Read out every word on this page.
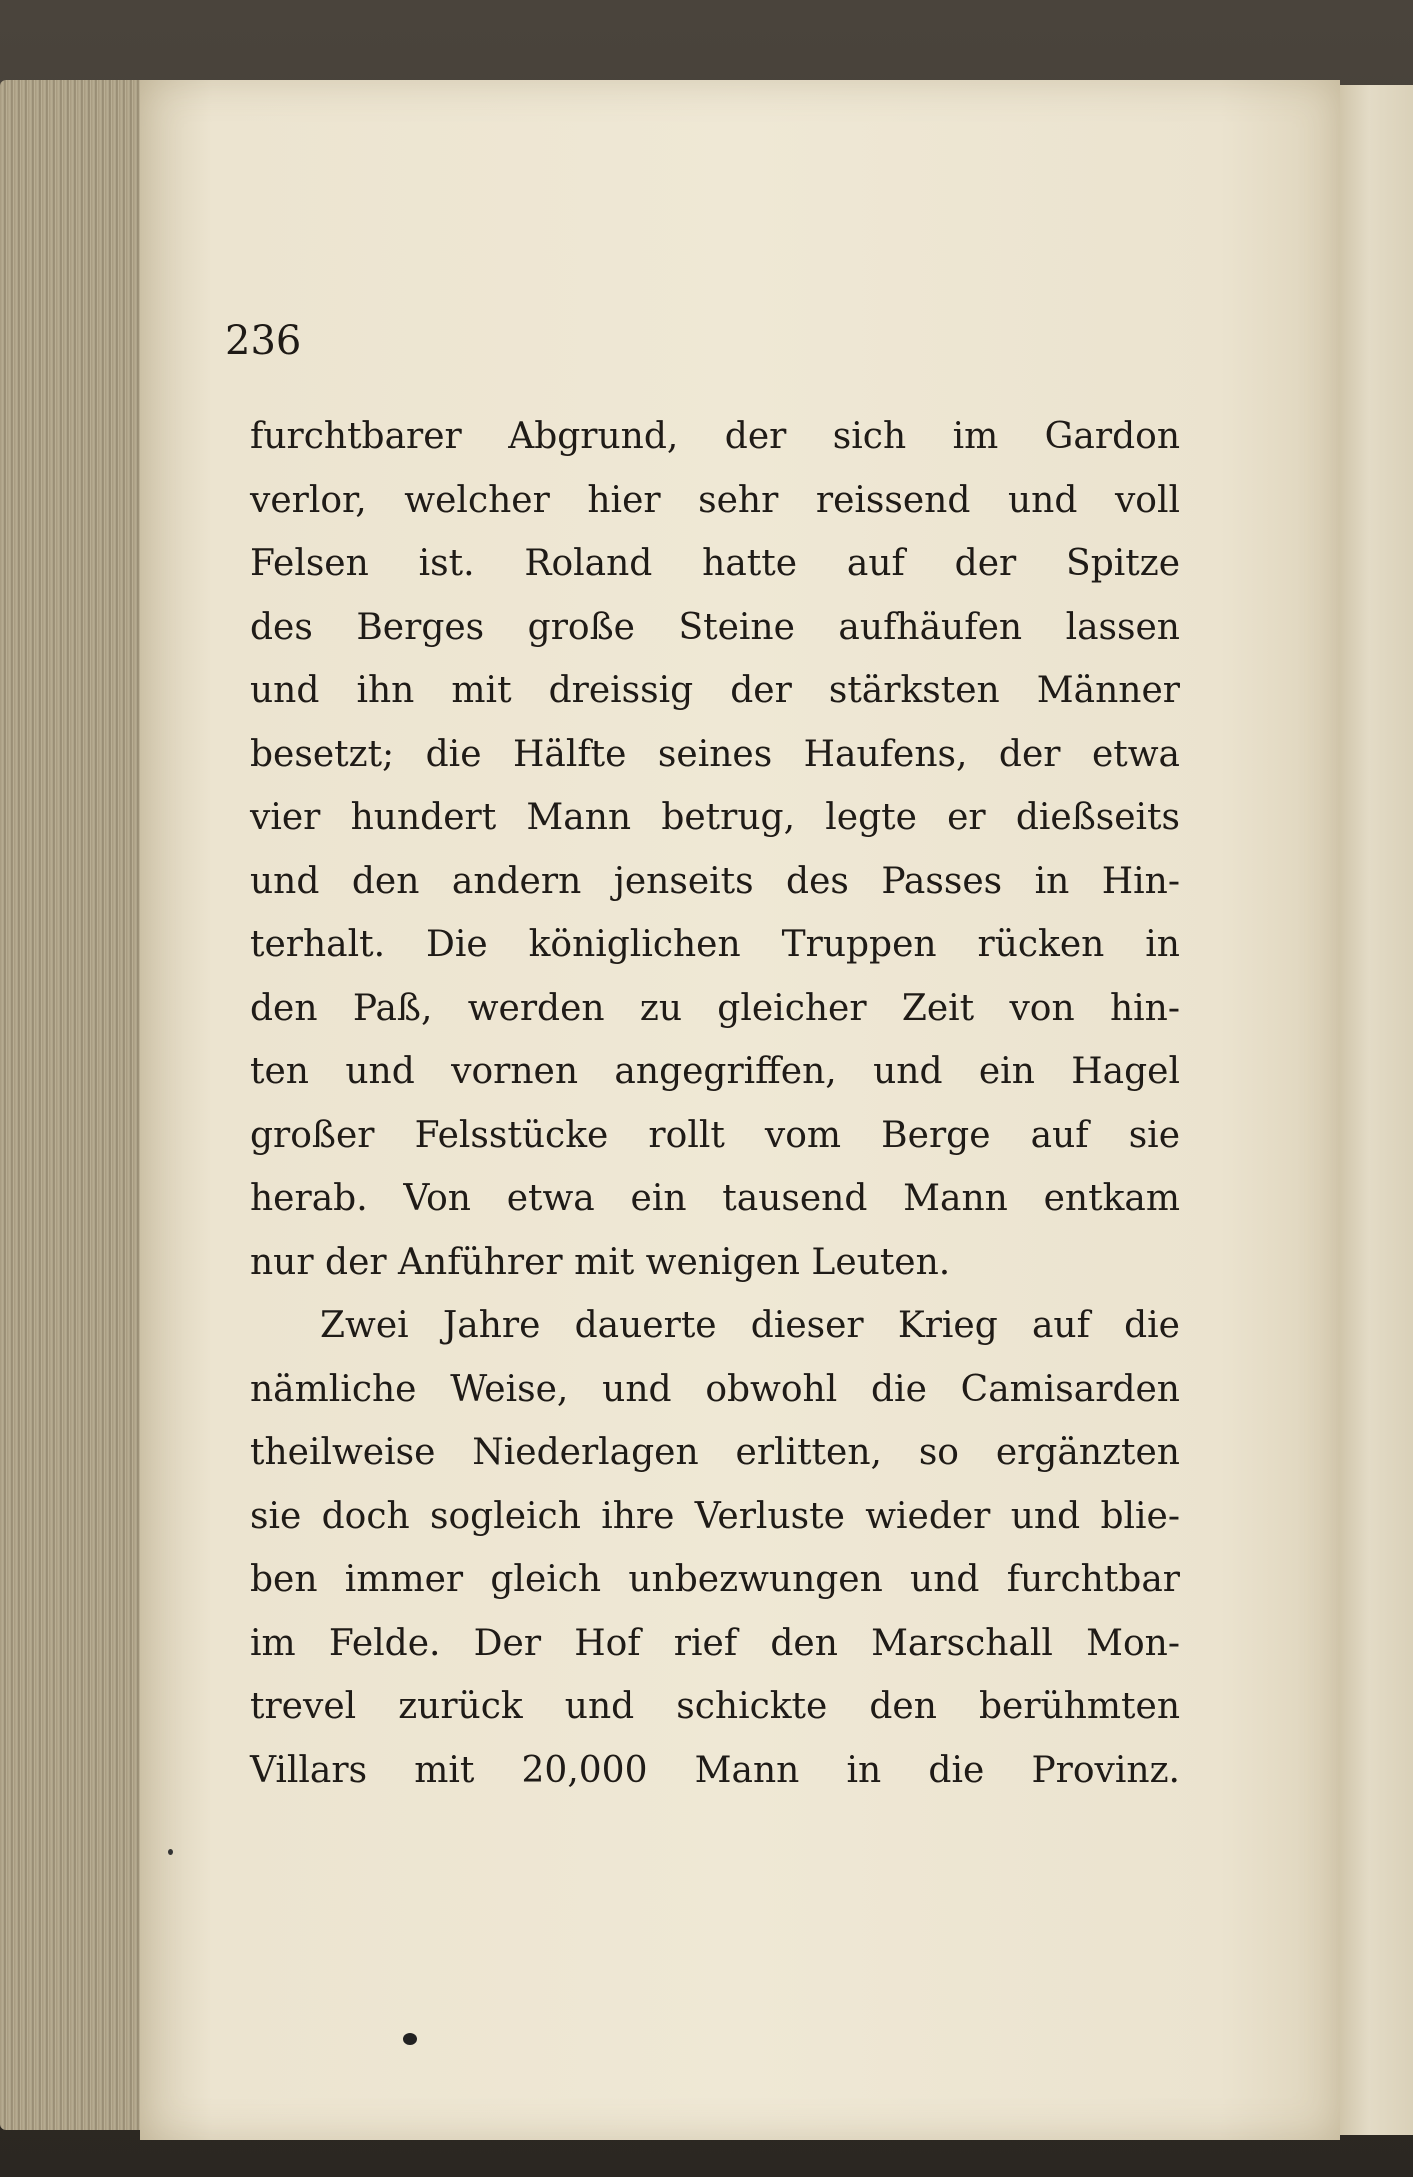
236
furchtbarer Abgrund, der sich im Gardon
verlor, welcher hier sehr reissend und voll
Felsen ist. Roland hatte auf der Spitze
des Berges große Steine aufhäufen lassen
und ihn mit dreissig der stärksten Männer
besetzt; die Hälfte seines Haufens, der etwa
vier hundert Mann betrug, legte er dießseits
und den andern jenseits des Passes in Hin-
terhalt. Die königlichen Truppen rücken in
den Paß, werden zu gleicher Zeit von hin-
ten und vornen angegriffen, und ein Hagel
großer Felsstücke rollt vom Berge auf sie
herab. Von etwa ein tausend Mann entkam
nur der Anführer mit wenigen Leuten.
Zwei Jahre dauerte dieser Krieg auf die
nämliche Weise, und obwohl die Camisarden
theilweise Niederlagen erlitten, so ergänzten
sie doch sogleich ihre Verluste wieder und blie-
ben immer gleich unbezwungen und furchtbar
im Felde. Der Hof rief den Marschall Mon-
trevel zurück und schickte den berühmten
Villars mit 20,000 Mann in die Provinz.
